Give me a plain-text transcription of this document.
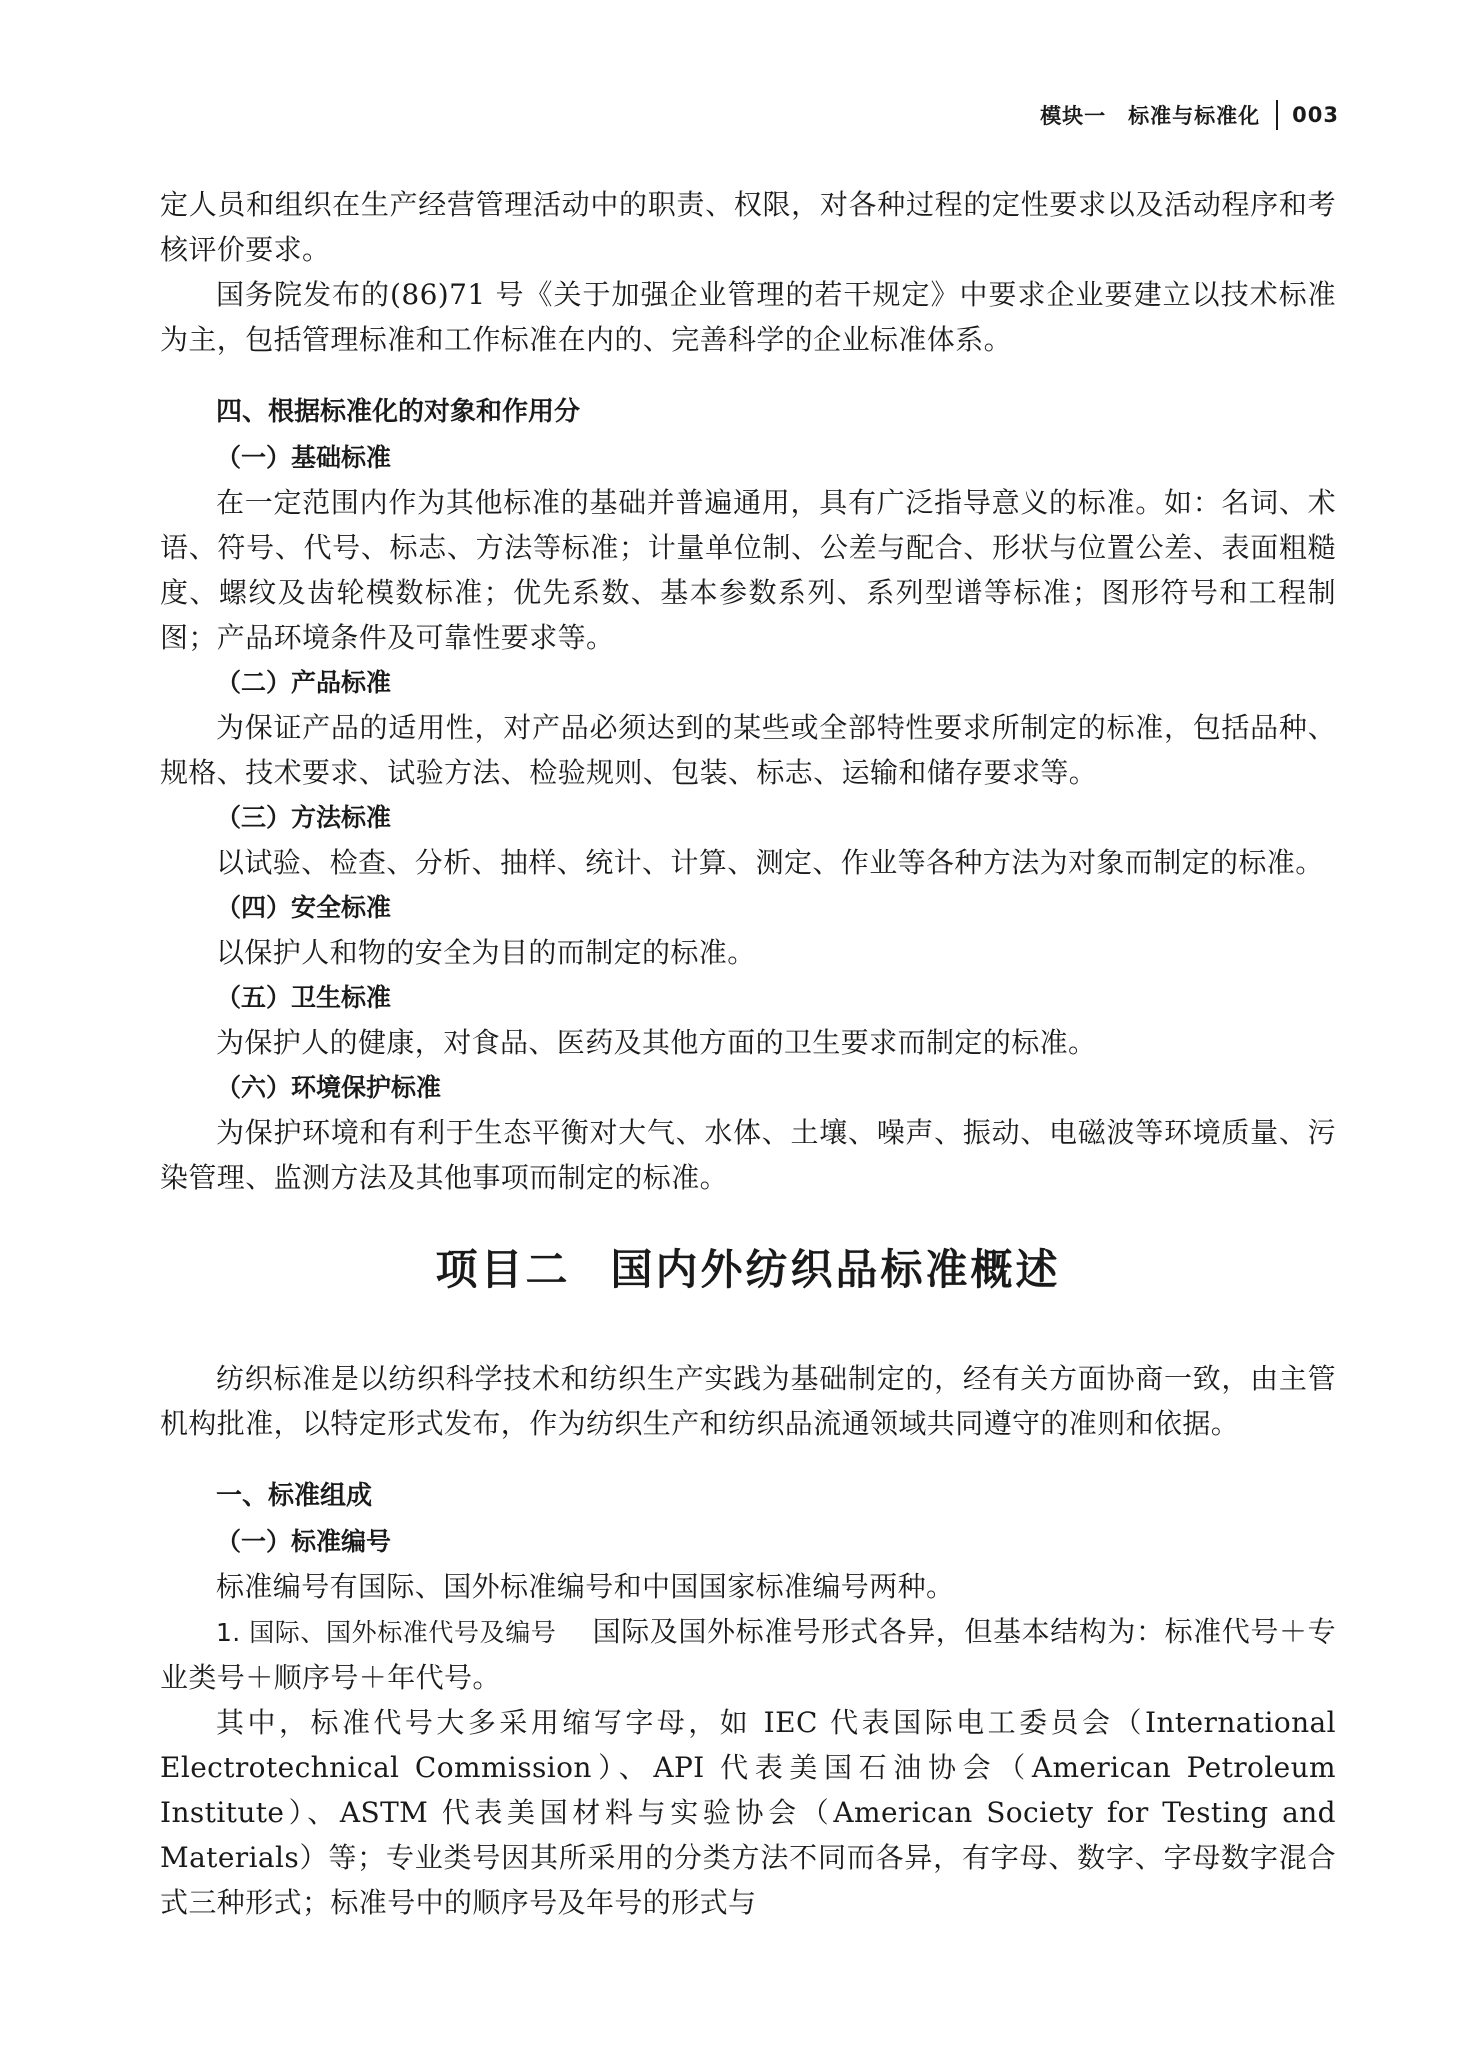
模块一　标准与标准化 003

定人员和组织在生产经营管理活动中的职责、权限，对各种过程的定性要求以及活动程序和考核评价要求。

国务院发布的(86)71 号《关于加强企业管理的若干规定》中要求企业要建立以技术标准为主，包括管理标准和工作标准在内的、完善科学的企业标准体系。

四、根据标准化的对象和作用分
（一）基础标准

在一定范围内作为其他标准的基础并普遍通用，具有广泛指导意义的标准。如：名词、术语、符号、代号、标志、方法等标准；计量单位制、公差与配合、形状与位置公差、表面粗糙度、螺纹及齿轮模数标准；优先系数、基本参数系列、系列型谱等标准；图形符号和工程制图；产品环境条件及可靠性要求等。

（二）产品标准

为保证产品的适用性，对产品必须达到的某些或全部特性要求所制定的标准，包括品种、规格、技术要求、试验方法、检验规则、包装、标志、运输和储存要求等。

（三）方法标准

以试验、检查、分析、抽样、统计、计算、测定、作业等各种方法为对象而制定的标准。

（四）安全标准

以保护人和物的安全为目的而制定的标准。

（五）卫生标准

为保护人的健康，对食品、医药及其他方面的卫生要求而制定的标准。

（六）环境保护标准

为保护环境和有利于生态平衡对大气、水体、土壤、噪声、振动、电磁波等环境质量、污染管理、监测方法及其他事项而制定的标准。

项目二 国内外纺织品标准概述

纺织标准是以纺织科学技术和纺织生产实践为基础制定的，经有关方面协商一致，由主管机构批准，以特定形式发布，作为纺织生产和纺织品流通领域共同遵守的准则和依据。

一、标准组成
（一）标准编号

标准编号有国际、国外标准编号和中国国家标准编号两种。

1. 国际、国外标准代号及编号 国际及国外标准号形式各异，但基本结构为：标准代号＋专业类号＋顺序号＋年代号。

其中，标准代号大多采用缩写字母，如 IEC 代表国际电工委员会（International Electrotechnical Commission）、API 代表美国石油协会（American Petroleum Institute）、ASTM 代表美国材料与实验协会（American Society for Testing and Materials）等；专业类号因其所采用的分类方法不同而各异，有字母、数字、字母数字混合式三种形式；标准号中的顺序号及年号的形式与
